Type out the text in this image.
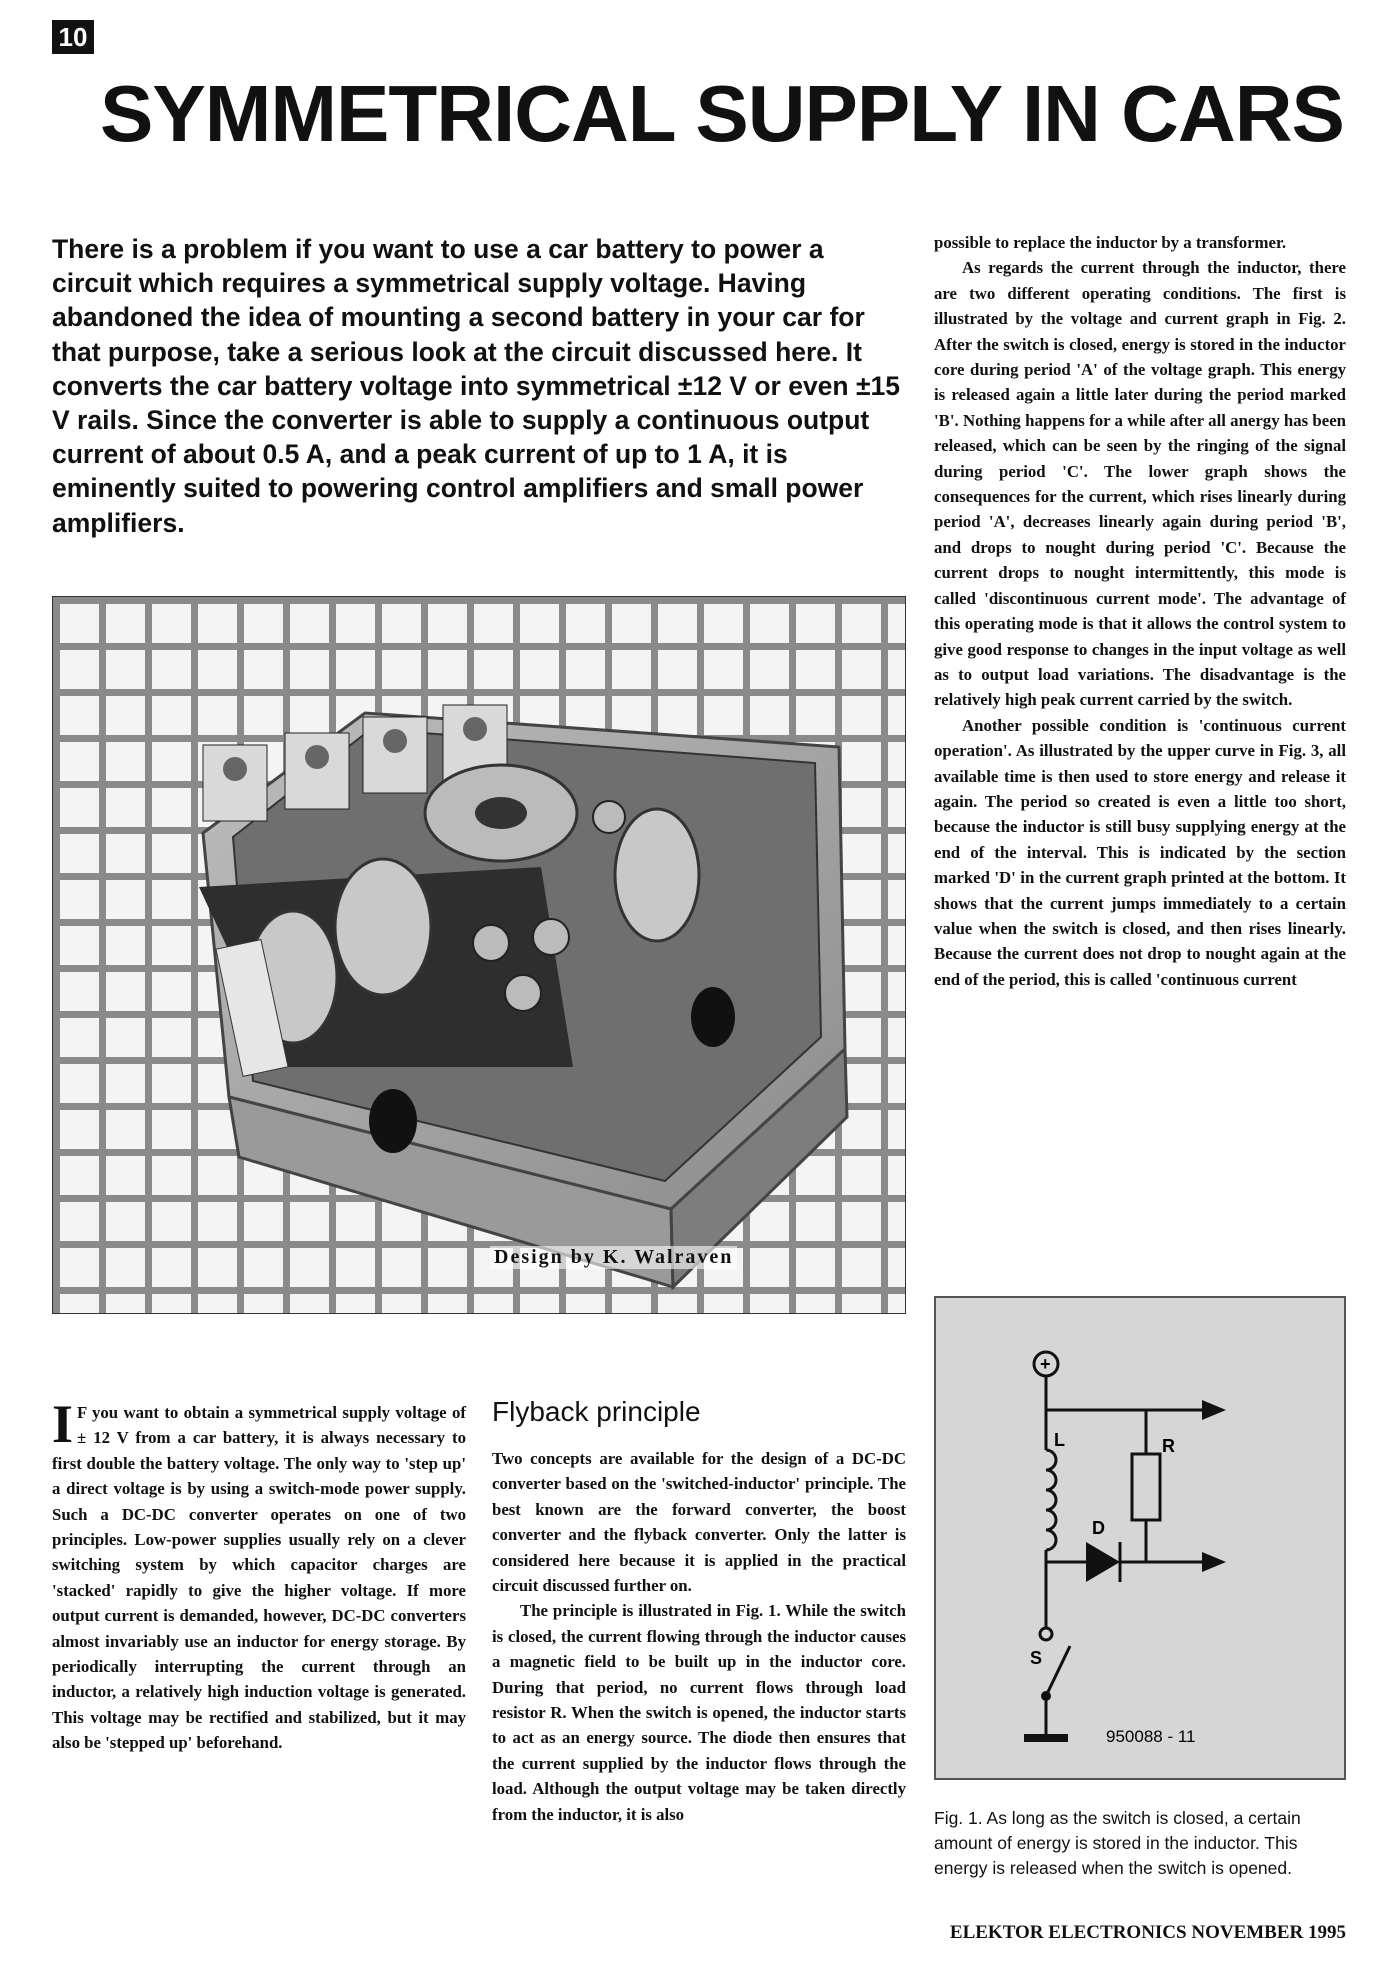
10
SYMMETRICAL SUPPLY IN CARS
There is a problem if you want to use a car battery to power a circuit which requires a symmetrical supply voltage. Having abandoned the idea of mounting a second battery in your car for that purpose, take a serious look at the circuit discussed here. It converts the car battery voltage into symmetrical ±12 V or even ±15 V rails. Since the converter is able to supply a continuous output current of about 0.5 A, and a peak current of up to 1 A, it is eminently suited to powering control amplifiers and small power amplifiers.

possible to replace the inductor by a transformer.

As regards the current through the inductor, there are two different operating conditions. The first is illustrated by the voltage and current graph in Fig. 2. After the switch is closed, energy is stored in the inductor core during period 'A' of the voltage graph. This energy is released again a little later during the period marked 'B'. Nothing happens for a while after all anergy has been released, which can be seen by the ringing of the signal during period 'C'. The lower graph shows the consequences for the current, which rises linearly during period 'A', decreases linearly again during period 'B', and drops to nought during period 'C'. Because the current drops to nought intermittently, this mode is called 'discontinuous current mode'. The advantage of this operating mode is that it allows the control system to give good response to changes in the input voltage as well as to output load variations. The disadvantage is the relatively high peak current carried by the switch.

Another possible condition is 'continuous current operation'. As illustrated by the upper curve in Fig. 3, all available time is then used to store energy and release it again. The period so created is even a little too short, because the inductor is still busy supplying energy at the end of the interval. This is indicated by the section marked 'D' in the current graph printed at the bottom. It shows that the current jumps immediately to a certain value when the switch is closed, and then rises linearly. Because the current does not drop to nought again at the end of the period, this is called 'continuous current

Design by K. Walraven

I F you want to obtain a symmetrical supply voltage of ± 12 V from a car battery, it is always necessary to first double the battery voltage. The only way to 'step up' a direct voltage is by using a switch-mode power supply. Such a DC-DC converter operates on one of two principles. Low-power supplies usually rely on a clever switching system by which capacitor charges are 'stacked' rapidly to give the higher voltage. If more output current is demanded, however, DC-DC converters almost invariably use an inductor for energy storage. By periodically interrupting the current through an inductor, a relatively high induction voltage is generated. This voltage may be rectified and stabilized, but it may also be 'stepped up' beforehand.

Flyback principle

Two concepts are available for the design of a DC-DC converter based on the 'switched-inductor' principle. The best known are the forward converter, the boost converter and the flyback converter. Only the latter is considered here because it is applied in the practical circuit discussed further on.

The principle is illustrated in Fig. 1. While the switch is closed, the current flowing through the inductor causes a magnetic field to be built up in the inductor core. During that period, no current flows through load resistor R. When the switch is opened, the inductor starts to act as an energy source. The diode then ensures that the current supplied by the inductor flows through the load. Although the output voltage may be taken directly from the inductor, it is also

+
L	R
D
S
950088 - 11
Fig. 1. As long as the switch is closed, a certain amount of energy is stored in the inductor. This energy is released when the switch is opened.
ELEKTOR ELECTRONICS NOVEMBER 1995
